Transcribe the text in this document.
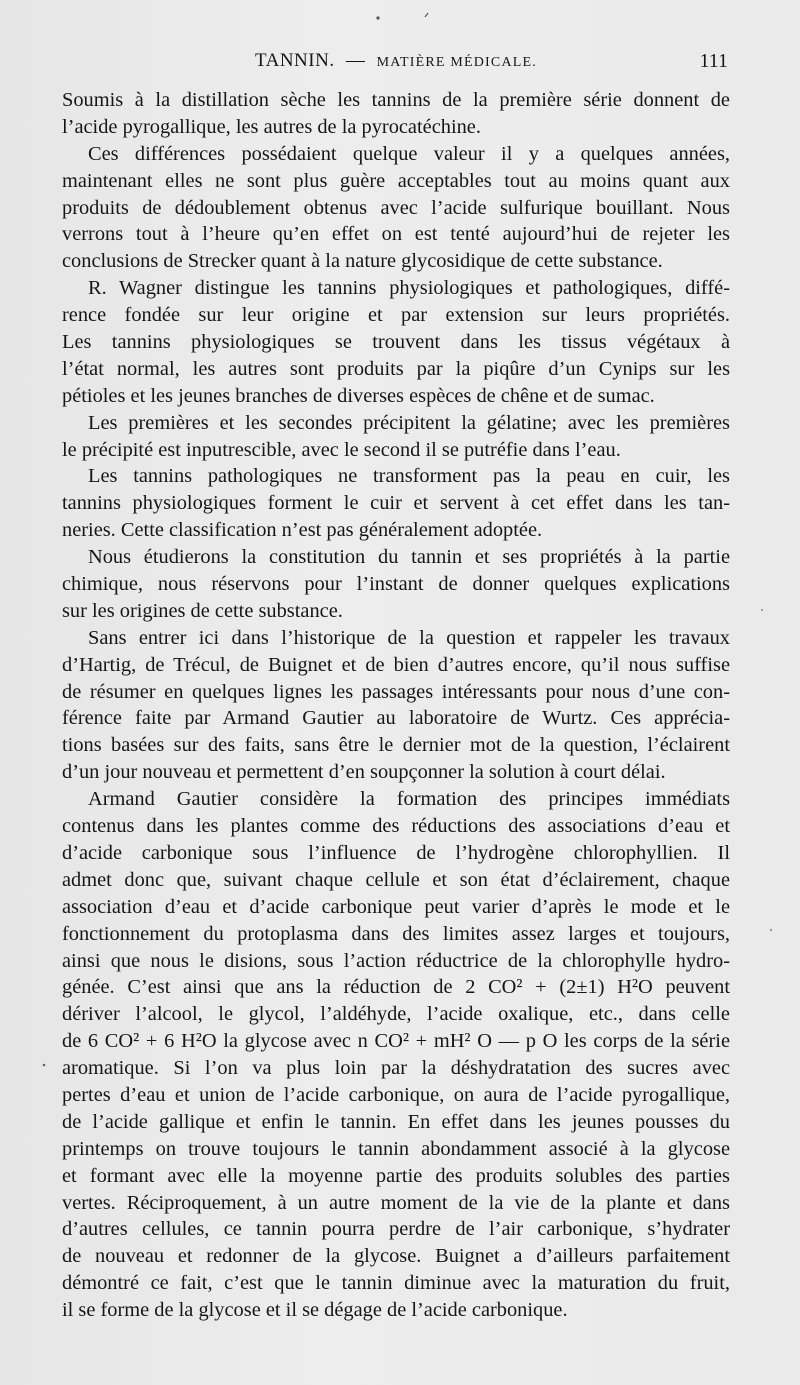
TANNIN. — MATIÈRE MÉDICALE.	111
Soumis à la distillation sèche les tannins de la première série donnent de
l’acide pyrogallique, les autres de la pyrocatéchine.
Ces différences possédaient quelque valeur il y a quelques années,
maintenant elles ne sont plus guère acceptables tout au moins quant aux
produits de dédoublement obtenus avec l’acide sulfurique bouillant. Nous
verrons tout à l’heure qu’en effet on est tenté aujourd’hui de rejeter les
conclusions de Strecker quant à la nature glycosidique de cette substance.
R. Wagner distingue les tannins physiologiques et pathologiques, diffé-
rence fondée sur leur origine et par extension sur leurs propriétés.
Les tannins physiologiques se trouvent dans les tissus végétaux à
l’état normal, les autres sont produits par la piqûre d’un Cynips sur les
pétioles et les jeunes branches de diverses espèces de chêne et de sumac.
Les premières et les secondes précipitent la gélatine; avec les premières
le précipité est inputrescible, avec le second il se putréfie dans l’eau.
Les tannins pathologiques ne transforment pas la peau en cuir, les
tannins physiologiques forment le cuir et servent à cet effet dans les tan-
neries. Cette classification n’est pas généralement adoptée.
Nous étudierons la constitution du tannin et ses propriétés à la partie
chimique, nous réservons pour l’instant de donner quelques explications
sur les origines de cette substance.
Sans entrer ici dans l’historique de la question et rappeler les travaux
d’Hartig, de Trécul, de Buignet et de bien d’autres encore, qu’il nous suffise
de résumer en quelques lignes les passages intéressants pour nous d’une con-
férence faite par Armand Gautier au laboratoire de Wurtz. Ces apprécia-
tions basées sur des faits, sans être le dernier mot de la question, l’éclairent
d’un jour nouveau et permettent d’en soupçonner la solution à court délai.
Armand Gautier considère la formation des principes immédiats
contenus dans les plantes comme des réductions des associations d’eau et
d’acide carbonique sous l’influence de l’hydrogène chlorophyllien. Il
admet donc que, suivant chaque cellule et son état d’éclairement, chaque
association d’eau et d’acide carbonique peut varier d’après le mode et le
fonctionnement du protoplasma dans des limites assez larges et toujours,
ainsi que nous le disions, sous l’action réductrice de la chlorophylle hydro-
génée. C’est ainsi que ans la réduction de 2 CO² + (2±1) H²O peuvent
dériver l’alcool, le glycol, l’aldéhyde, l’acide oxalique, etc., dans celle
de 6 CO² + 6 H²O la glycose avec n CO² + mH² O — p O les corps de la série
aromatique. Si l’on va plus loin par la déshydratation des sucres avec
pertes d’eau et union de l’acide carbonique, on aura de l’acide pyrogallique,
de l’acide gallique et enfin le tannin. En effet dans les jeunes pousses du
printemps on trouve toujours le tannin abondamment associé à la glycose
et formant avec elle la moyenne partie des produits solubles des parties
vertes. Réciproquement, à un autre moment de la vie de la plante et dans
d’autres cellules, ce tannin pourra perdre de l’air carbonique, s’hydrater
de nouveau et redonner de la glycose. Buignet a d’ailleurs parfaitement
démontré ce fait, c’est que le tannin diminue avec la maturation du fruit,
il se forme de la glycose et il se dégage de l’acide carbonique.
